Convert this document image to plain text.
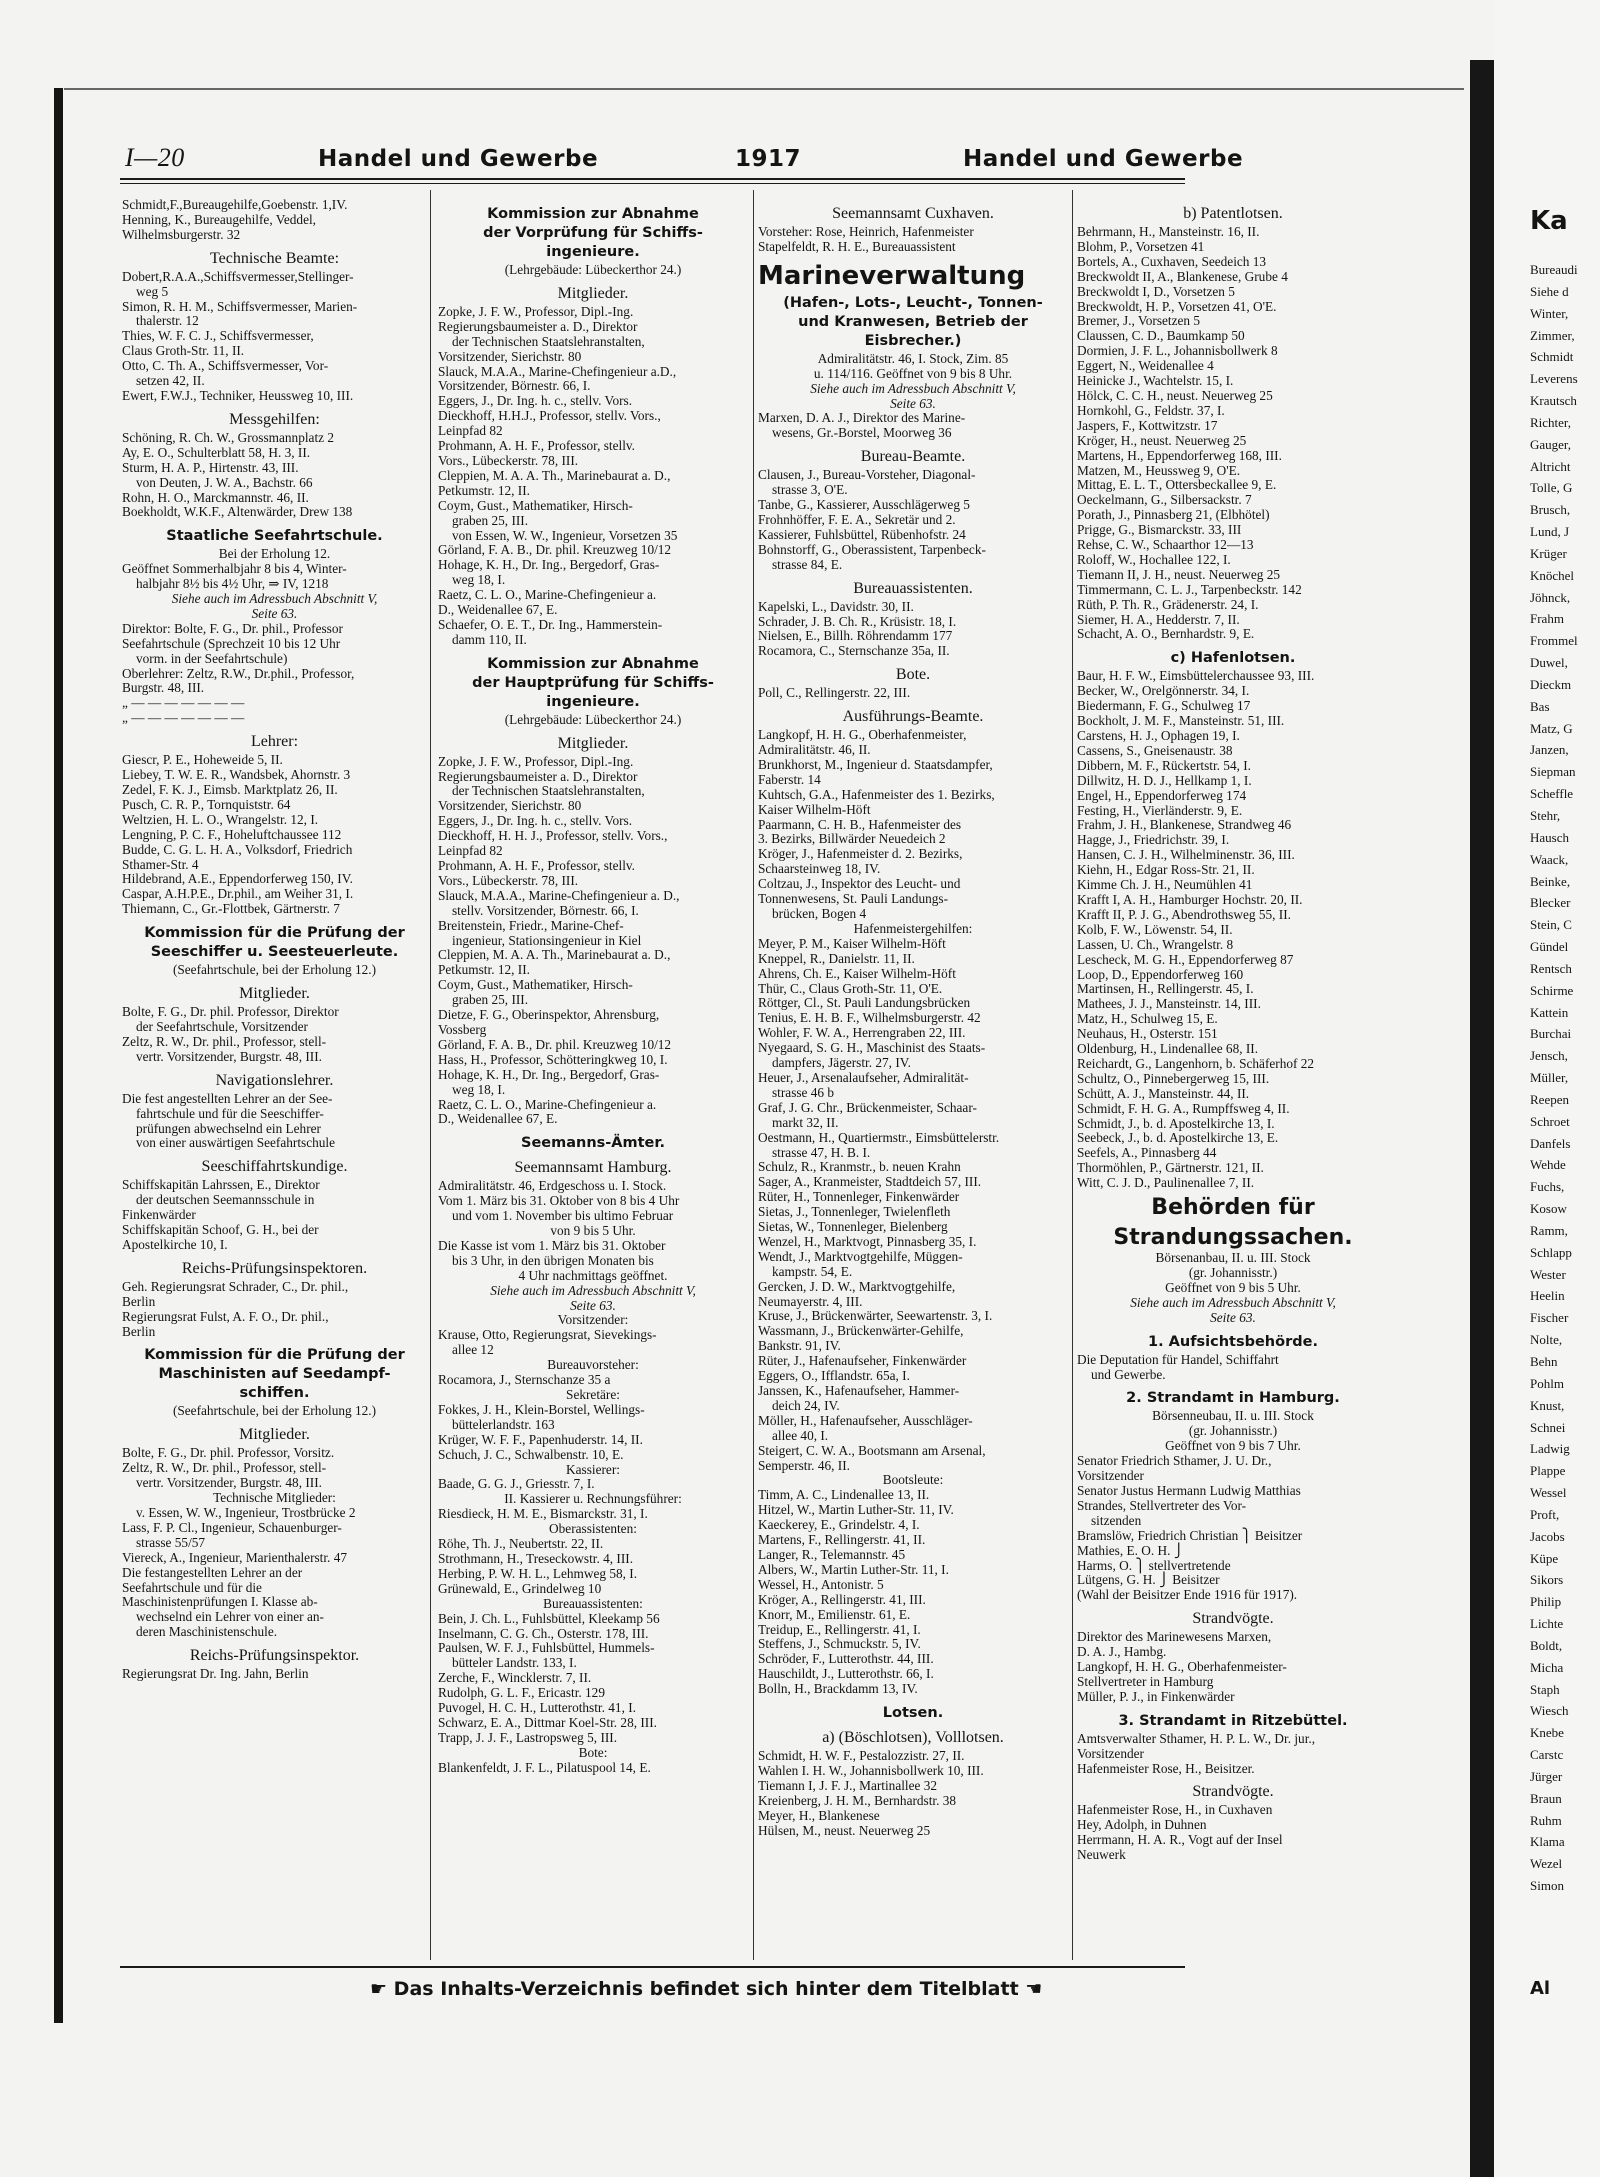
I—20	Handel und Gewerbe	1917	Handel und Gewerbe
Schmidt,F.,Bureaugehilfe,Goebenstr. 1,IV.
Henning, K., Bureaugehilfe, Veddel,
Wilhelmsburgerstr. 32
Technische Beamte:
Dobert,R.A.A.,Schiffsvermesser,Stellinger-
weg 5
Simon, R. H. M., Schiffsvermesser, Marien-
thalerstr. 12
Thies, W. F. C. J., Schiffsvermesser,
Claus Groth-Str. 11, II.
Otto, C. Th. A., Schiffsvermesser, Vor-
setzen 42, II.
Ewert, F.W.J., Techniker, Heussweg 10, III.
Messgehilfen:
Schöning, R. Ch. W., Grossmannplatz 2
Ay, E. O., Schulterblatt 58, H. 3, II.
Sturm, H. A. P., Hirtenstr. 43, III.
von Deuten, J. W. A., Bachstr. 66
Rohn, H. O., Marckmannstr. 46, II.
Boekholdt, W.K.F., Altenwärder, Drew 138
Staatliche Seefahrtschule.
Bei der Erholung 12.
Geöffnet Sommerhalbjahr 8 bis 4, Winter-
halbjahr 8½ bis 4½ Uhr, ⇒ IV, 1218
Siehe auch im Adressbuch Abschnitt V,
Seite 63.
Direktor: Bolte, F. G., Dr. phil., Professor
Seefahrtschule (Sprechzeit 10 bis 12 Uhr
vorm. in der Seefahrtschule)
Oberlehrer: Zeltz, R.W., Dr.phil., Professor,
Burgstr. 48, III.
„ — — — — — — —
„ — — — — — — —
Lehrer:
Giescr, P. E., Hoheweide 5, II.
Liebey, T. W. E. R., Wandsbek, Ahornstr. 3
Zedel, F. K. J., Eimsb. Marktplatz 26, II.
Pusch, C. R. P., Tornquiststr. 64
Weltzien, H. L. O., Wrangelstr. 12, I.
Lengning, P. C. F., Hoheluftchaussee 112
Budde, C. G. L. H. A., Volksdorf, Friedrich
Sthamer-Str. 4
Hildebrand, A.E., Eppendorferweg 150, IV.
Caspar, A.H.P.E., Dr.phil., am Weiher 31, I.
Thiemann, C., Gr.-Flottbek, Gärtnerstr. 7
Kommission für die Prüfung der
Seeschiffer u. Seesteuerleute.
(Seefahrtschule, bei der Erholung 12.)
Mitglieder.
Bolte, F. G., Dr. phil. Professor, Direktor
der Seefahrtschule, Vorsitzender
Zeltz, R. W., Dr. phil., Professor, stell-
vertr. Vorsitzender, Burgstr. 48, III.
Navigationslehrer.
Die fest angestellten Lehrer an der See-
fahrtschule und für die Seeschiffer-
prüfungen abwechselnd ein Lehrer
von einer auswärtigen Seefahrtschule
Seeschiffahrtskundige.
Schiffskapitän Lahrssen, E., Direktor
der deutschen Seemannsschule in
Finkenwärder
Schiffskapitän Schoof, G. H., bei der
Apostelkirche 10, I.
Reichs-Prüfungsinspektoren.
Geh. Regierungsrat Schrader, C., Dr. phil.,
Berlin
Regierungsrat Fulst, A. F. O., Dr. phil.,
Berlin
Kommission für die Prüfung der
Maschinisten auf Seedampf-
schiffen.
(Seefahrtschule, bei der Erholung 12.)
Mitglieder.
Bolte, F. G., Dr. phil. Professor, Vorsitz.
Zeltz, R. W., Dr. phil., Professor, stell-
vertr. Vorsitzender, Burgstr. 48, III.
Technische Mitglieder:
v. Essen, W. W., Ingenieur, Trostbrücke 2
Lass, F. P. Cl., Ingenieur, Schauenburger-
strasse 55/57
Viereck, A., Ingenieur, Marienthalerstr. 47
Die festangestellten Lehrer an der
Seefahrtschule und für die
Maschinistenprüfungen I. Klasse ab-
wechselnd ein Lehrer von einer an-
deren Maschinistenschule.
Reichs-Prüfungsinspektor.
Regierungsrat Dr. Ing. Jahn, Berlin
Kommission zur Abnahme
der Vorprüfung für Schiffs-
ingenieure.
(Lehrgebäude: Lübeckerthor 24.)
Mitglieder.
Zopke, J. F. W., Professor, Dipl.-Ing.
Regierungsbaumeister a. D., Direktor
der Technischen Staatslehranstalten,
Vorsitzender, Sierichstr. 80
Slauck, M.A.A., Marine-Chefingenieur a.D.,
Vorsitzender, Börnestr. 66, I.
Eggers, J., Dr. Ing. h. c., stellv. Vors.
Dieckhoff, H.H.J., Professor, stellv. Vors.,
Leinpfad 82
Prohmann, A. H. F., Professor, stellv.
Vors., Lübeckerstr. 78, III.
Cleppien, M. A. A. Th., Marinebaurat a. D.,
Petkumstr. 12, II.
Coym, Gust., Mathematiker, Hirsch-
graben 25, III.
von Essen, W. W., Ingenieur, Vorsetzen 35
Görland, F. A. B., Dr. phil. Kreuzweg 10/12
Hohage, K. H., Dr. Ing., Bergedorf, Gras-
weg 18, I.
Raetz, C. L. O., Marine-Chefingenieur a.
D., Weidenallee 67, E.
Schaefer, O. E. T., Dr. Ing., Hammerstein-
damm 110, II.
Kommission zur Abnahme
der Hauptprüfung für Schiffs-
ingenieure.
(Lehrgebäude: Lübeckerthor 24.)
Mitglieder.
Zopke, J. F. W., Professor, Dipl.-Ing.
Regierungsbaumeister a. D., Direktor
der Technischen Staatslehranstalten,
Vorsitzender, Sierichstr. 80
Eggers, J., Dr. Ing. h. c., stellv. Vors.
Dieckhoff, H. H. J., Professor, stellv. Vors.,
Leinpfad 82
Prohmann, A. H. F., Professor, stellv.
Vors., Lübeckerstr. 78, III.
Slauck, M.A.A., Marine-Chefingenieur a. D.,
stellv. Vorsitzender, Börnestr. 66, I.
Breitenstein, Friedr., Marine-Chef-
ingenieur, Stationsingenieur in Kiel
Cleppien, M. A. A. Th., Marinebaurat a. D.,
Petkumstr. 12, II.
Coym, Gust., Mathematiker, Hirsch-
graben 25, III.
Dietze, F. G., Oberinspektor, Ahrensburg,
Vossberg
Görland, F. A. B., Dr. phil. Kreuzweg 10/12
Hass, H., Professor, Schötteringkweg 10, I.
Hohage, K. H., Dr. Ing., Bergedorf, Gras-
weg 18, I.
Raetz, C. L. O., Marine-Chefingenieur a.
D., Weidenallee 67, E.
Seemanns-Ämter.
Seemannsamt Hamburg.
Admiralitätstr. 46, Erdgeschoss u. I. Stock.
Vom 1. März bis 31. Oktober von 8 bis 4 Uhr
und vom 1. November bis ultimo Februar
von 9 bis 5 Uhr.
Die Kasse ist vom 1. März bis 31. Oktober
bis 3 Uhr, in den übrigen Monaten bis
4 Uhr nachmittags geöffnet.
Siehe auch im Adressbuch Abschnitt V,
Seite 63.
Vorsitzender:
Krause, Otto, Regierungsrat, Sievekings-
allee 12
Bureauvorsteher:
Rocamora, J., Sternschanze 35 a
Sekretäre:
Fokkes, J. H., Klein-Borstel, Wellings-
büttelerlandstr. 163
Krüger, W. F. F., Papenhuderstr. 14, II.
Schuch, J. C., Schwalbenstr. 10, E.
Kassierer:
Baade, G. G. J., Griesstr. 7, I.
II. Kassierer u. Rechnungsführer:
Riesdieck, H. M. E., Bismarckstr. 31, I.
Oberassistenten:
Röhe, Th. J., Neubertstr. 22, II.
Strothmann, H., Treseckowstr. 4, III.
Herbing, P. W. H. L., Lehmweg 58, I.
Grünewald, E., Grindelweg 10
Bureauassistenten:
Bein, J. Ch. L., Fuhlsbüttel, Kleekamp 56
Inselmann, C. G. Ch., Osterstr. 178, III.
Paulsen, W. F. J., Fuhlsbüttel, Hummels-
bütteler Landstr. 133, I.
Zerche, F., Wincklerstr. 7, II.
Rudolph, G. L. F., Ericastr. 129
Puvogel, H. C. H., Lutterothstr. 41, I.
Schwarz, E. A., Dittmar Koel-Str. 28, III.
Trapp, J. J. F., Lastropsweg 5, III.
Bote:
Blankenfeldt, J. F. L., Pilatuspool 14, E.
Seemannsamt Cuxhaven.
Vorsteher: Rose, Heinrich, Hafenmeister
Stapelfeldt, R. H. E., Bureauassistent
Marineverwaltung
(Hafen-, Lots-, Leucht-, Tonnen-
und Kranwesen, Betrieb der
Eisbrecher.)
Admiralitätstr. 46, I. Stock, Zim. 85
u. 114/116. Geöffnet von 9 bis 8 Uhr.
Siehe auch im Adressbuch Abschnitt V,
Seite 63.
Marxen, D. A. J., Direktor des Marine-
wesens, Gr.-Borstel, Moorweg 36
Bureau-Beamte.
Clausen, J., Bureau-Vorsteher, Diagonal-
strasse 3, O'E.
Tanbe, G., Kassierer, Ausschlägerweg 5
Frohnhöffer, F. E. A., Sekretär und 2.
Kassierer, Fuhlsbüttel, Rübenhofstr. 24
Bohnstorff, G., Oberassistent, Tarpenbeck-
strasse 84, E.
Bureauassistenten.
Kapelski, L., Davidstr. 30, II.
Schrader, J. B. Ch. R., Krüsistr. 18, I.
Nielsen, E., Billh. Röhrendamm 177
Rocamora, C., Sternschanze 35a, II.
Bote.
Poll, C., Rellingerstr. 22, III.
Ausführungs-Beamte.
Langkopf, H. H. G., Oberhafenmeister,
Admiralitätstr. 46, II.
Brunkhorst, M., Ingenieur d. Staatsdampfer,
Faberstr. 14
Kuhtsch, G.A., Hafenmeister des 1. Bezirks,
Kaiser Wilhelm-Höft
Paarmann, C. H. B., Hafenmeister des
3. Bezirks, Billwärder Neuedeich 2
Kröger, J., Hafenmeister d. 2. Bezirks,
Schaarsteinweg 18, IV.
Coltzau, J., Inspektor des Leucht- und
Tonnenwesens, St. Pauli Landungs-
brücken, Bogen 4
Hafenmeistergehilfen:
Meyer, P. M., Kaiser Wilhelm-Höft
Kneppel, R., Danielstr. 11, II.
Ahrens, Ch. E., Kaiser Wilhelm-Höft
Thür, C., Claus Groth-Str. 11, O'E.
Röttger, Cl., St. Pauli Landungsbrücken
Tenius, E. H. B. F., Wilhelmsburgerstr. 42
Wohler, F. W. A., Herrengraben 22, III.
Nyegaard, S. G. H., Maschinist des Staats-
dampfers, Jägerstr. 27, IV.
Heuer, J., Arsenalaufseher, Admiralität-
strasse 46 b
Graf, J. G. Chr., Brückenmeister, Schaar-
markt 32, II.
Oestmann, H., Quartiermstr., Eimsbüttelerstr.
strasse 47, H. B. I.
Schulz, R., Kranmstr., b. neuen Krahn
Sager, A., Kranmeister, Stadtdeich 57, III.
Rüter, H., Tonnenleger, Finkenwärder
Sietas, J., Tonnenleger, Twielenfleth
Sietas, W., Tonnenleger, Bielenberg
Wenzel, H., Marktvogt, Pinnasberg 35, I.
Wendt, J., Marktvogtgehilfe, Müggen-
kampstr. 54, E.
Gercken, J. D. W., Marktvogtgehilfe,
Neumayerstr. 4, III.
Kruse, J., Brückenwärter, Seewartenstr. 3, I.
Wassmann, J., Brückenwärter-Gehilfe,
Bankstr. 91, IV.
Rüter, J., Hafenaufseher, Finkenwärder
Eggers, O., Ifflandstr. 65a, I.
Janssen, K., Hafenaufseher, Hammer-
deich 24, IV.
Möller, H., Hafenaufseher, Ausschläger-
allee 40, I.
Steigert, C. W. A., Bootsmann am Arsenal,
Semperstr. 46, II.
Bootsleute:
Timm, A. C., Lindenallee 13, II.
Hitzel, W., Martin Luther-Str. 11, IV.
Kaeckerey, E., Grindelstr. 4, I.
Martens, F., Rellingerstr. 41, II.
Langer, R., Telemannstr. 45
Albers, W., Martin Luther-Str. 11, I.
Wessel, H., Antonistr. 5
Kröger, A., Rellingerstr. 41, III.
Knorr, M., Emilienstr. 61, E.
Treidup, E., Rellingerstr. 41, I.
Steffens, J., Schmuckstr. 5, IV.
Schröder, F., Lutterothstr. 44, III.
Hauschildt, J., Lutterothstr. 66, I.
Bolln, H., Brackdamm 13, IV.
Lotsen.
a) (Böschlotsen), Volllotsen.
Schmidt, H. W. F., Pestalozzistr. 27, II.
Wahlen I. H. W., Johannisbollwerk 10, III.
Tiemann I, J. F. J., Martinallee 32
Kreienberg, J. H. M., Bernhardstr. 38
Meyer, H., Blankenese
Hülsen, M., neust. Neuerweg 25
b) Patentlotsen.
Behrmann, H., Mansteinstr. 16, II.
Blohm, P., Vorsetzen 41
Bortels, A., Cuxhaven, Seedeich 13
Breckwoldt II, A., Blankenese, Grube 4
Breckwoldt I, D., Vorsetzen 5
Breckwoldt, H. P., Vorsetzen 41, O'E.
Bremer, J., Vorsetzen 5
Claussen, C. D., Baumkamp 50
Dormien, J. F. L., Johannisbollwerk 8
Eggert, N., Weidenallee 4
Heinicke J., Wachtelstr. 15, I.
Hölck, C. C. H., neust. Neuerweg 25
Hornkohl, G., Feldstr. 37, I.
Jaspers, F., Kottwitzstr. 17
Kröger, H., neust. Neuerweg 25
Martens, H., Eppendorferweg 168, III.
Matzen, M., Heussweg 9, O'E.
Mittag, E. L. T., Ottersbeckallee 9, E.
Oeckelmann, G., Silbersackstr. 7
Porath, J., Pinnasberg 21, (Elbhötel)
Prigge, G., Bismarckstr. 33, III
Rehse, C. W., Schaarthor 12—13
Roloff, W., Hochallee 122, I.
Tiemann II, J. H., neust. Neuerweg 25
Timmermann, C. L. J., Tarpenbeckstr. 142
Rüth, P. Th. R., Grädenerstr. 24, I.
Siemer, H. A., Hedderstr. 7, II.
Schacht, A. O., Bernhardstr. 9, E.
c) Hafenlotsen.
Baur, H. F. W., Eimsbüttelerchaussee 93, III.
Becker, W., Orelgönnerstr. 34, I.
Biedermann, F. G., Schulweg 17
Bockholt, J. M. F., Mansteinstr. 51, III.
Carstens, H. J., Ophagen 19, I.
Cassens, S., Gneisenaustr. 38
Dibbern, M. F., Rückertstr. 54, I.
Dillwitz, H. D. J., Hellkamp 1, I.
Engel, H., Eppendorferweg 174
Festing, H., Vierländerstr. 9, E.
Frahm, J. H., Blankenese, Strandweg 46
Hagge, J., Friedrichstr. 39, I.
Hansen, C. J. H., Wilhelminenstr. 36, III.
Kiehn, H., Edgar Ross-Str. 21, II.
Kimme Ch. J. H., Neumühlen 41
Krafft I, A. H., Hamburger Hochstr. 20, II.
Krafft II, P. J. G., Abendrothsweg 55, II.
Kolb, F. W., Löwenstr. 54, II.
Lassen, U. Ch., Wrangelstr. 8
Lescheck, M. G. H., Eppendorferweg 87
Loop, D., Eppendorferweg 160
Martinsen, H., Rellingerstr. 45, I.
Mathees, J. J., Mansteinstr. 14, III.
Matz, H., Schulweg 15, E.
Neuhaus, H., Osterstr. 151
Oldenburg, H., Lindenallee 68, II.
Reichardt, G., Langenhorn, b. Schäferhof 22
Schultz, O., Pinnebergerweg 15, III.
Schütt, A. J., Mansteinstr. 44, II.
Schmidt, F. H. G. A., Rumpffsweg 4, II.
Schmidt, J., b. d. Apostelkirche 13, I.
Seebeck, J., b. d. Apostelkirche 13, E.
Seefels, A., Pinnasberg 44
Thormöhlen, P., Gärtnerstr. 121, II.
Witt, C. J. D., Paulinenallee 7, II.
Behörden für
Strandungssachen.
Börsenanbau, II. u. III. Stock
(gr. Johannisstr.)
Geöffnet von 9 bis 5 Uhr.
Siehe auch im Adressbuch Abschnitt V,
Seite 63.
1. Aufsichtsbehörde.
Die Deputation für Handel, Schiffahrt
und Gewerbe.
2. Strandamt in Hamburg.
Börsenneubau, II. u. III. Stock
(gr. Johannisstr.)
Geöffnet von 9 bis 7 Uhr.
Senator Friedrich Sthamer, J. U. Dr.,
Vorsitzender
Senator Justus Hermann Ludwig Matthias
Strandes, Stellvertreter des Vor-
sitzenden
Bramslöw, Friedrich Christian ⎫ Beisitzer
Mathies, E. O. H. ⎭
Harms, O. ⎫ stellvertretende
Lütgens, G. H. ⎭ Beisitzer
(Wahl der Beisitzer Ende 1916 für 1917).
Strandvögte.
Direktor des Marinewesens Marxen,
D. A. J., Hambg.
Langkopf, H. H. G., Oberhafenmeister-
Stellvertreter in Hamburg
Müller, P. J., in Finkenwärder
3. Strandamt in Ritzebüttel.
Amtsverwalter Sthamer, H. P. L. W., Dr. jur.,
Vorsitzender
Hafenmeister Rose, H., Beisitzer.
Strandvögte.
Hafenmeister Rose, H., in Cuxhaven
Hey, Adolph, in Duhnen
Herrmann, H. A. R., Vogt auf der Insel
Neuwerk
☛ Das Inhalts-Verzeichnis befindet sich hinter dem Titelblatt ☚
Ka
Bureaudi
Siehe d
Winter,
Zimmer,
Schmidt
Leverens
Krautsch
Richter,
Gauger,
Altricht
Tolle, G
Brusch,
Lund, J
Krüger
Knöchel
Jöhnck,
Frahm
Frommel
Duwel,
Dieckm
Bas
Matz, G
Janzen,
Siepman
Scheffle
Stehr,
Hausch
Waack,
Beinke,
Blecker
Stein, C
Gündel
Rentsch
Schirme
Kattein
Burchai
Jensch,
Müller,
Reepen
Schroet
Danfels
Wehde
Fuchs,
Kosow
Ramm,
Schlapp
Wester
Heelin
Fischer
Nolte,
Behn
Pohlm
Knust,
Schnei
Ladwig
Plappe
Wessel
Proft,
Jacobs
Küpe
Sikors
Philip
Lichte
Boldt,
Micha
Staph
Wiesch
Knebe
Carstc
Jürger
Braun
Ruhm
Klama
Wezel
Simon
Al
